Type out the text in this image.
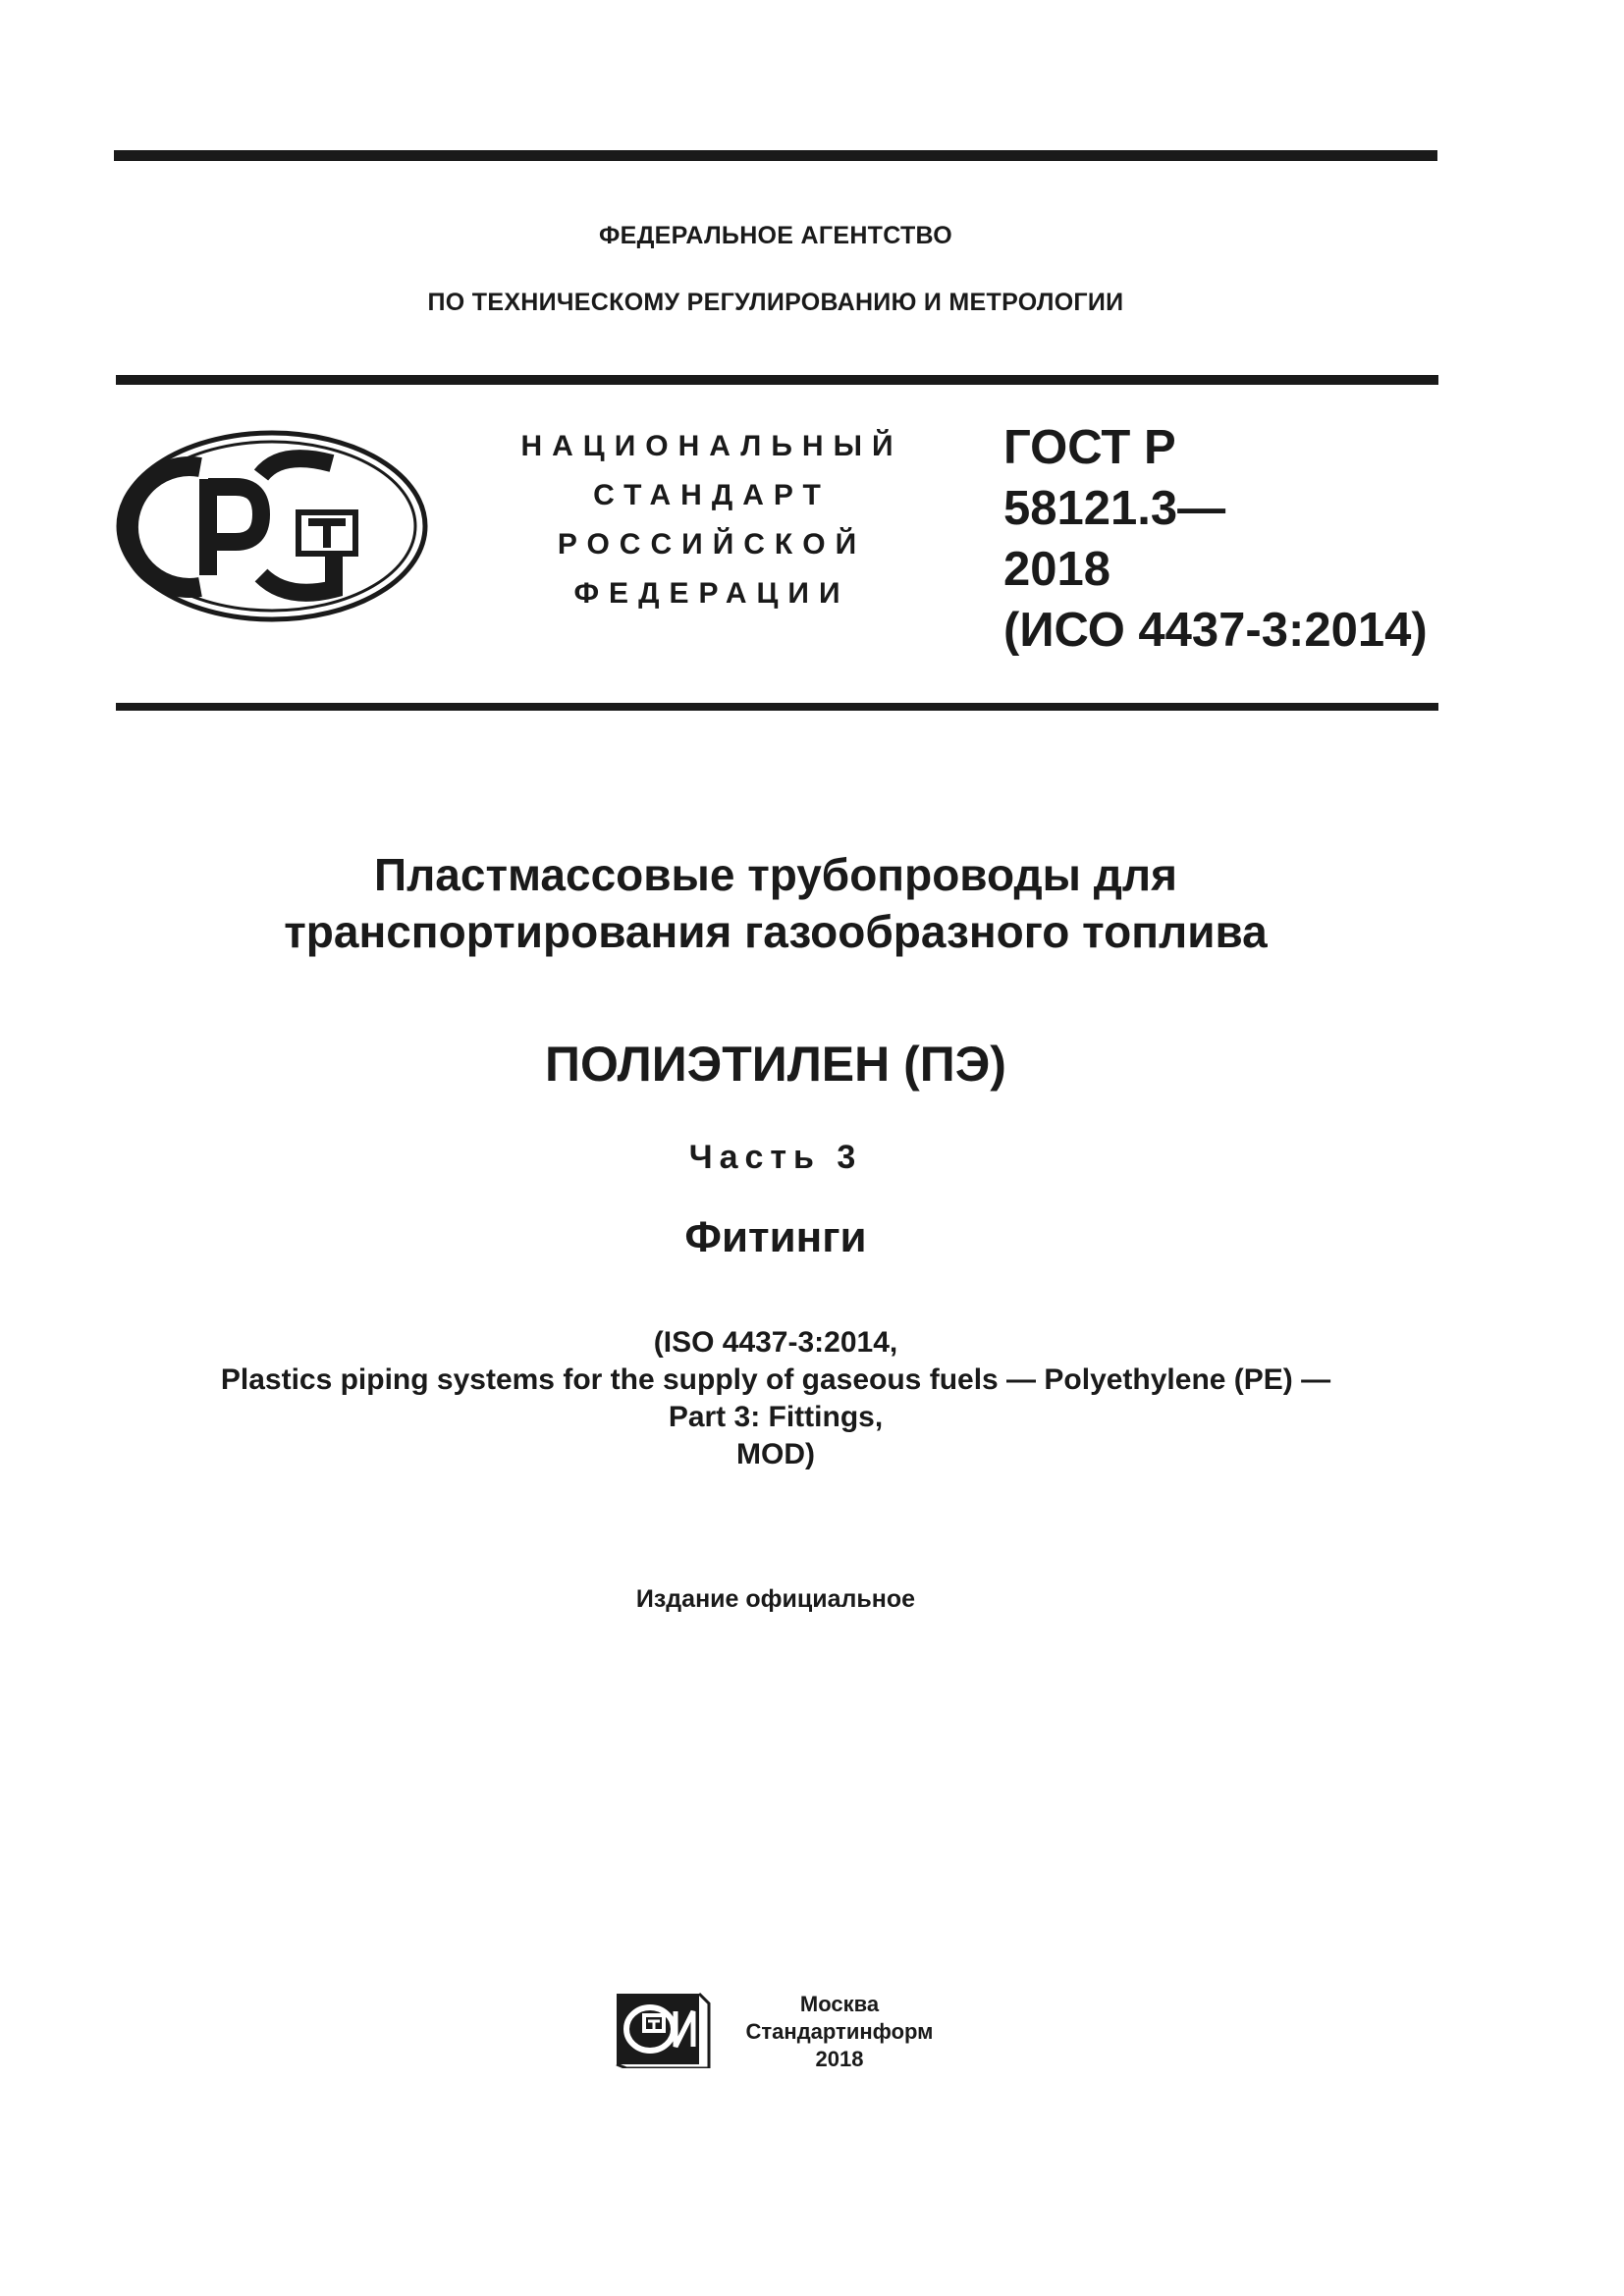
ФЕДЕРАЛЬНОЕ АГЕНТСТВО
ПО ТЕХНИЧЕСКОМУ РЕГУЛИРОВАНИЮ И МЕТРОЛОГИИ
НАЦИОНАЛЬНЫЙ
СТАНДАРТ
РОССИЙСКОЙ
ФЕДЕРАЦИИ
ГОСТ Р
58121.3—
2018
(ИСО 4437-3:2014)
Пластмассовые трубопроводы для
транспортирования газообразного топлива
ПОЛИЭТИЛЕН (ПЭ)
Часть 3
Фитинги
(ISO 4437-3:2014,
Plastics piping systems for the supply of gaseous fuels — Polyethylene (PE) —
Part 3: Fittings,
MOD)
Издание официальное
Москва
Стандартинформ
2018
